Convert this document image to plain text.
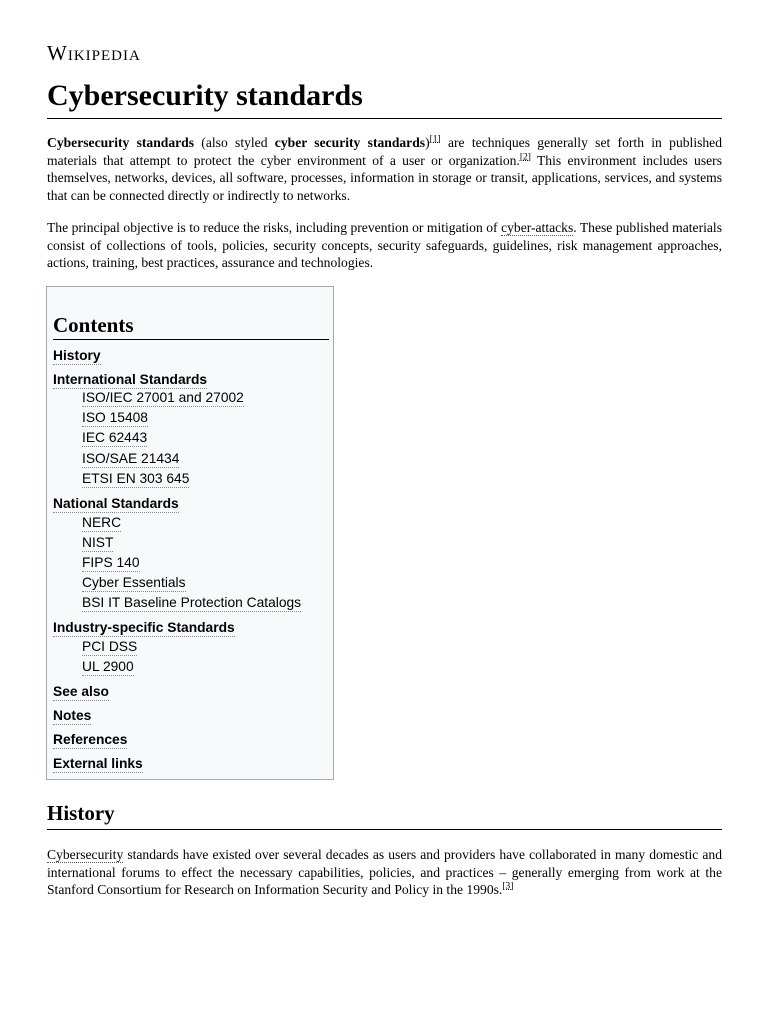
Wikipedia
Cybersecurity standards

Cybersecurity standards (also styled cyber security standards)[1] are techniques generally set forth in published materials that attempt to protect the cyber environment of a user or organization.[2] This environment includes users themselves, networks, devices, all software, processes, information in storage or transit, applications, services, and systems that can be connected directly or indirectly to networks.

The principal objective is to reduce the risks, including prevention or mitigation of cyber-attacks. These published materials consist of collections of tools, policies, security concepts, security safeguards, guidelines, risk management approaches, actions, training, best practices, assurance and technologies.

Contents
History
International Standards
ISO/IEC 27001 and 27002
ISO 15408
IEC 62443
ISO/SAE 21434
ETSI EN 303 645
National Standards
NERC
NIST
FIPS 140
Cyber Essentials
BSI IT Baseline Protection Catalogs
Industry-specific Standards
PCI DSS
UL 2900
See also
Notes
References
External links
History

Cybersecurity standards have existed over several decades as users and providers have collaborated in many domestic and international forums to effect the necessary capabilities, policies, and practices – generally emerging from work at the Stanford Consortium for Research on Information Security and Policy in the 1990s.[3]
